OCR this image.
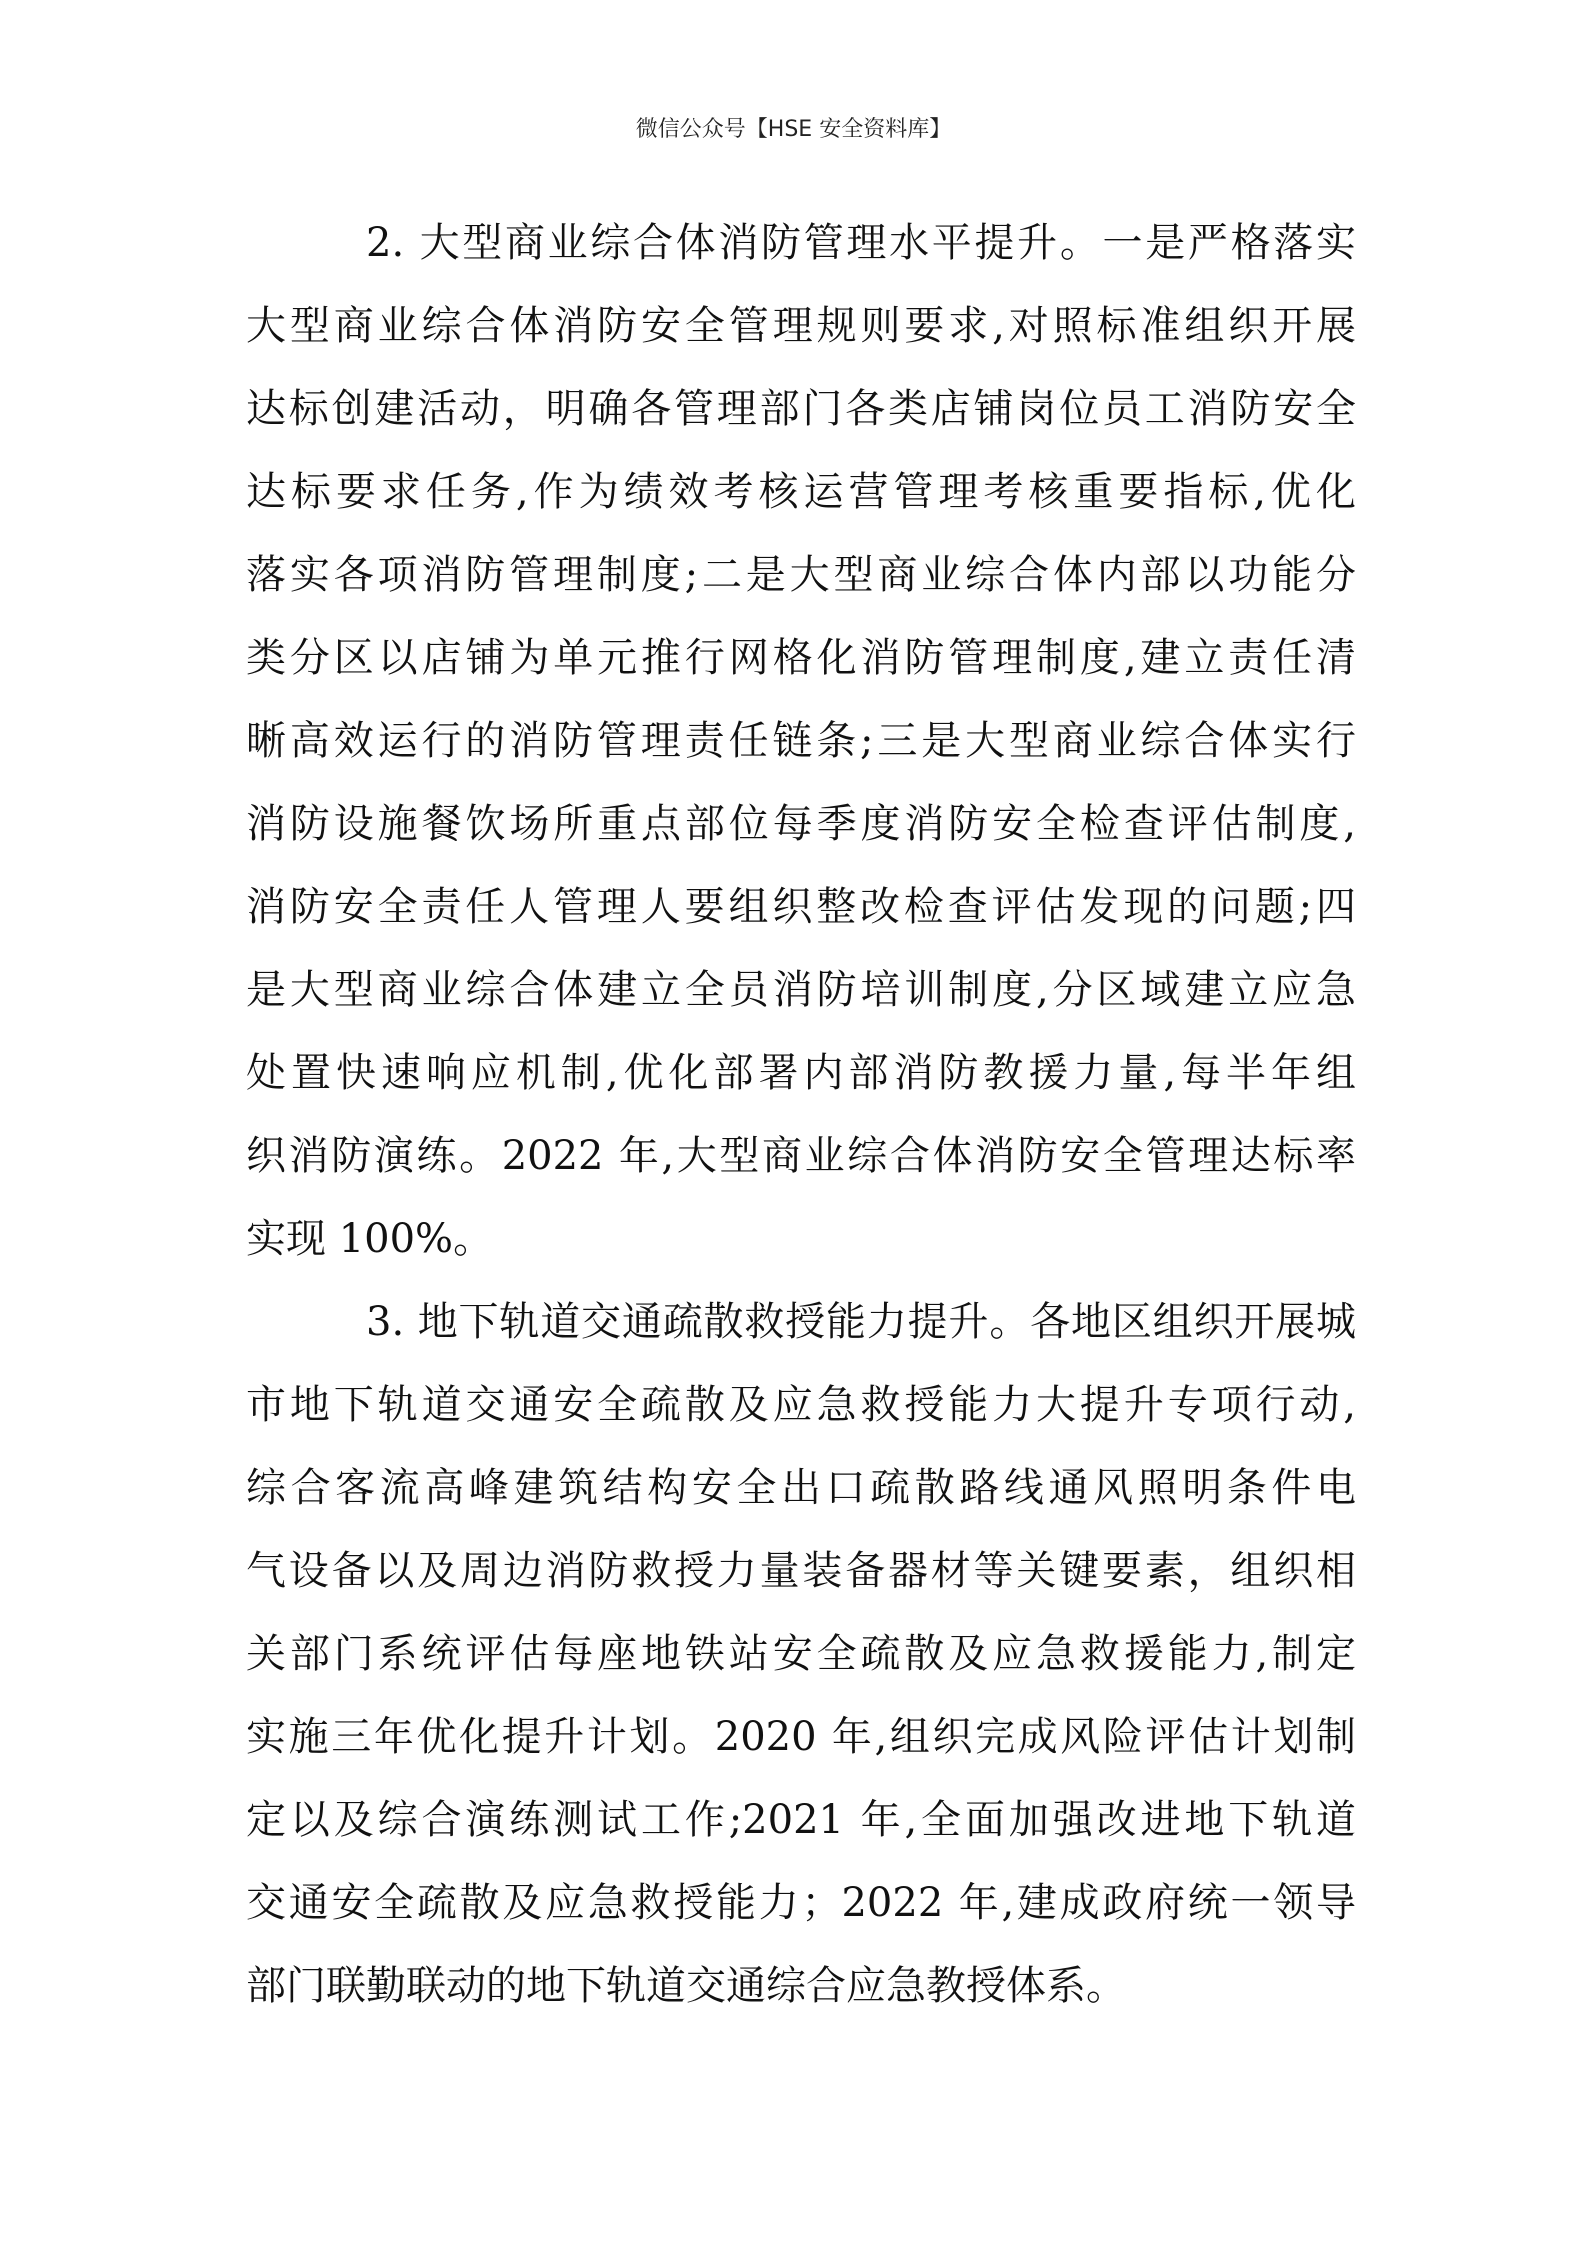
微信公众号【HSE 安全资料库】
2. 大型商业综合体消防管理水平提升。一是严格落实
大型商业综合体消防安全管理规则要求,对照标准组织开展
达标创建活动，明确各管理部门各类店铺岗位员工消防安全
达标要求任务,作为绩效考核运营管理考核重要指标,优化
落实各项消防管理制度;二是大型商业综合体内部以功能分
类分区以店铺为单元推行网格化消防管理制度,建立责任清
晰高效运行的消防管理责任链条;三是大型商业综合体实行
消防设施餐饮场所重点部位每季度消防安全检查评估制度,
消防安全责任人管理人要组织整改检查评估发现的问题;四
是大型商业综合体建立全员消防培训制度,分区域建立应急
处置快速响应机制,优化部署内部消防教援力量,每半年组
织消防演练。2022 年,大型商业综合体消防安全管理达标率
实现 100%。
3. 地下轨道交通疏散救授能力提升。各地区组织开展城
市地下轨道交通安全疏散及应急救授能力大提升专项行动,
综合客流高峰建筑结构安全出口疏散路线通风照明条件电
气设备以及周边消防救授力量装备器材等关键要素，组织相
关部门系统评估每座地铁站安全疏散及应急救援能力,制定
实施三年优化提升计划。2020 年,组织完成风险评估计划制
定以及综合演练测试工作;2021 年,全面加强改进地下轨道
交通安全疏散及应急救授能力；2022 年,建成政府统一领导
部门联勤联动的地下轨道交通综合应急教授体系。
